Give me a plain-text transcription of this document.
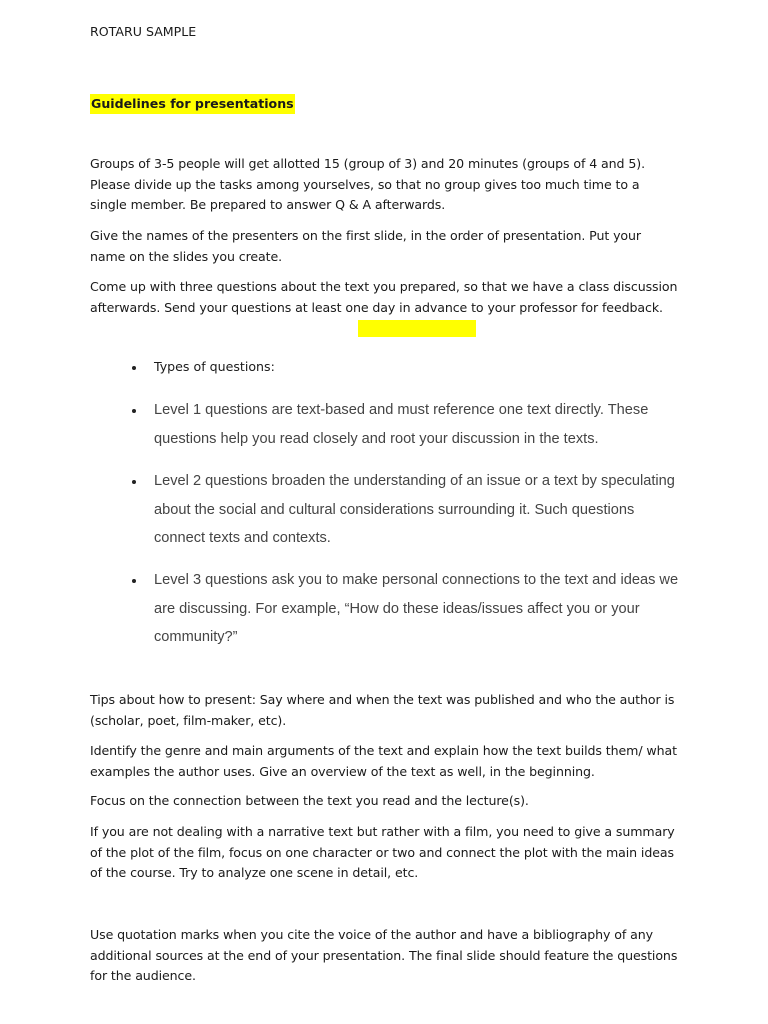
ROTARU SAMPLE
Guidelines for presentations

Groups of 3-5 people will get allotted 15 (group of 3) and 20 minutes (groups of 4 and 5). Please divide up the tasks among yourselves, so that no group gives too much time to a single member. Be prepared to answer Q & A afterwards.

Give the names of the presenters on the first slide, in the order of presentation. Put your name on the slides you create.

Come up with three questions about the text you prepared, so that we have a class discussion afterwards. Send your questions at least one day in advance to your professor for feedback.

Types of questions:

Level 1 questions are text-based and must reference one text directly. These questions help you read closely and root your discussion in the texts.

Level 2 questions broaden the understanding of an issue or a text by speculating about the social and cultural considerations surrounding it. Such questions connect texts and contexts.

Level 3 questions ask you to make personal connections to the text and ideas we are discussing. For example, “How do these ideas/issues affect you or your community?”

Tips about how to present: Say where and when the text was published and who the author is (scholar, poet, film-maker, etc).

Identify the genre and main arguments of the text and explain how the text builds them/ what examples the author uses. Give an overview of the text as well, in the beginning.

Focus on the connection between the text you read and the lecture(s).

If you are not dealing with a narrative text but rather with a film, you need to give a summary of the plot of the film, focus on one character or two and connect the plot with the main ideas of the course. Try to analyze one scene in detail, etc.

Use quotation marks when you cite the voice of the author and have a bibliography of any additional sources at the end of your presentation. The final slide should feature the questions for the audience.
